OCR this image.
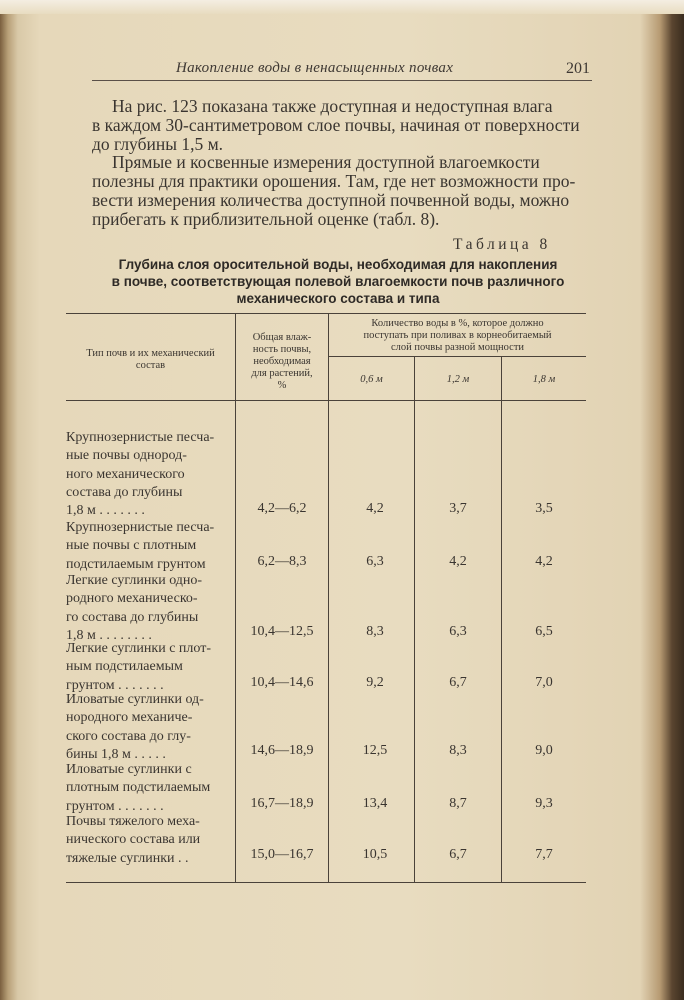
Накопление воды в ненасыщенных почвах	201
На рис. 123 показана также доступная и недоступная влага
в каждом 30-сантиметровом слое почвы, начиная от поверхности
до глубины 1,5 м.
Прямые и косвенные измерения доступной влагоемкости
полезны для практики орошения. Там, где нет возможности про-
вести измерения количества доступной почвенной воды, можно
прибегать к приблизительной оценке (табл. 8).
Таблица 8
Глубина слоя оросительной воды, необходимая для накопления
в почве, соответствующая полевой влагоемкости почв различного
механического состава и типа
Тип почв и их механический
состав
Общая влаж-
ность почвы,
необходимая
для растений,
%
Количество воды в %, которое должно
поступать при поливах в корнеобитаемый
слой почвы разной мощности
0,6 м	1,2 м	1,8 м
Крупнозернистые песча-
ные почвы однород-
ного механического
состава до глубины
1,8 м . . . . . . .	4,2—6,2	4,2	3,7	3,5
Крупнозернистые песча-
ные почвы с плотным
подстилаемым грунтом	6,2—8,3	6,3	4,2	4,2
Легкие суглинки одно-
родного механическо-
го состава до глубины
1,8 м . . . . . . . .	10,4—12,5	8,3	6,3	6,5
Легкие суглинки с плот-
ным подстилаемым
грунтом . . . . . . .	10,4—14,6	9,2	6,7	7,0
Иловатые суглинки од-
нородного механиче-
ского состава до глу-
бины 1,8 м . . . . .	14,6—18,9	12,5	8,3	9,0
Иловатые суглинки с
плотным подстилаемым
грунтом . . . . . . .	16,7—18,9	13,4	8,7	9,3
Почвы тяжелого меха-
нического состава или
тяжелые суглинки . .	15,0—16,7	10,5	6,7	7,7
